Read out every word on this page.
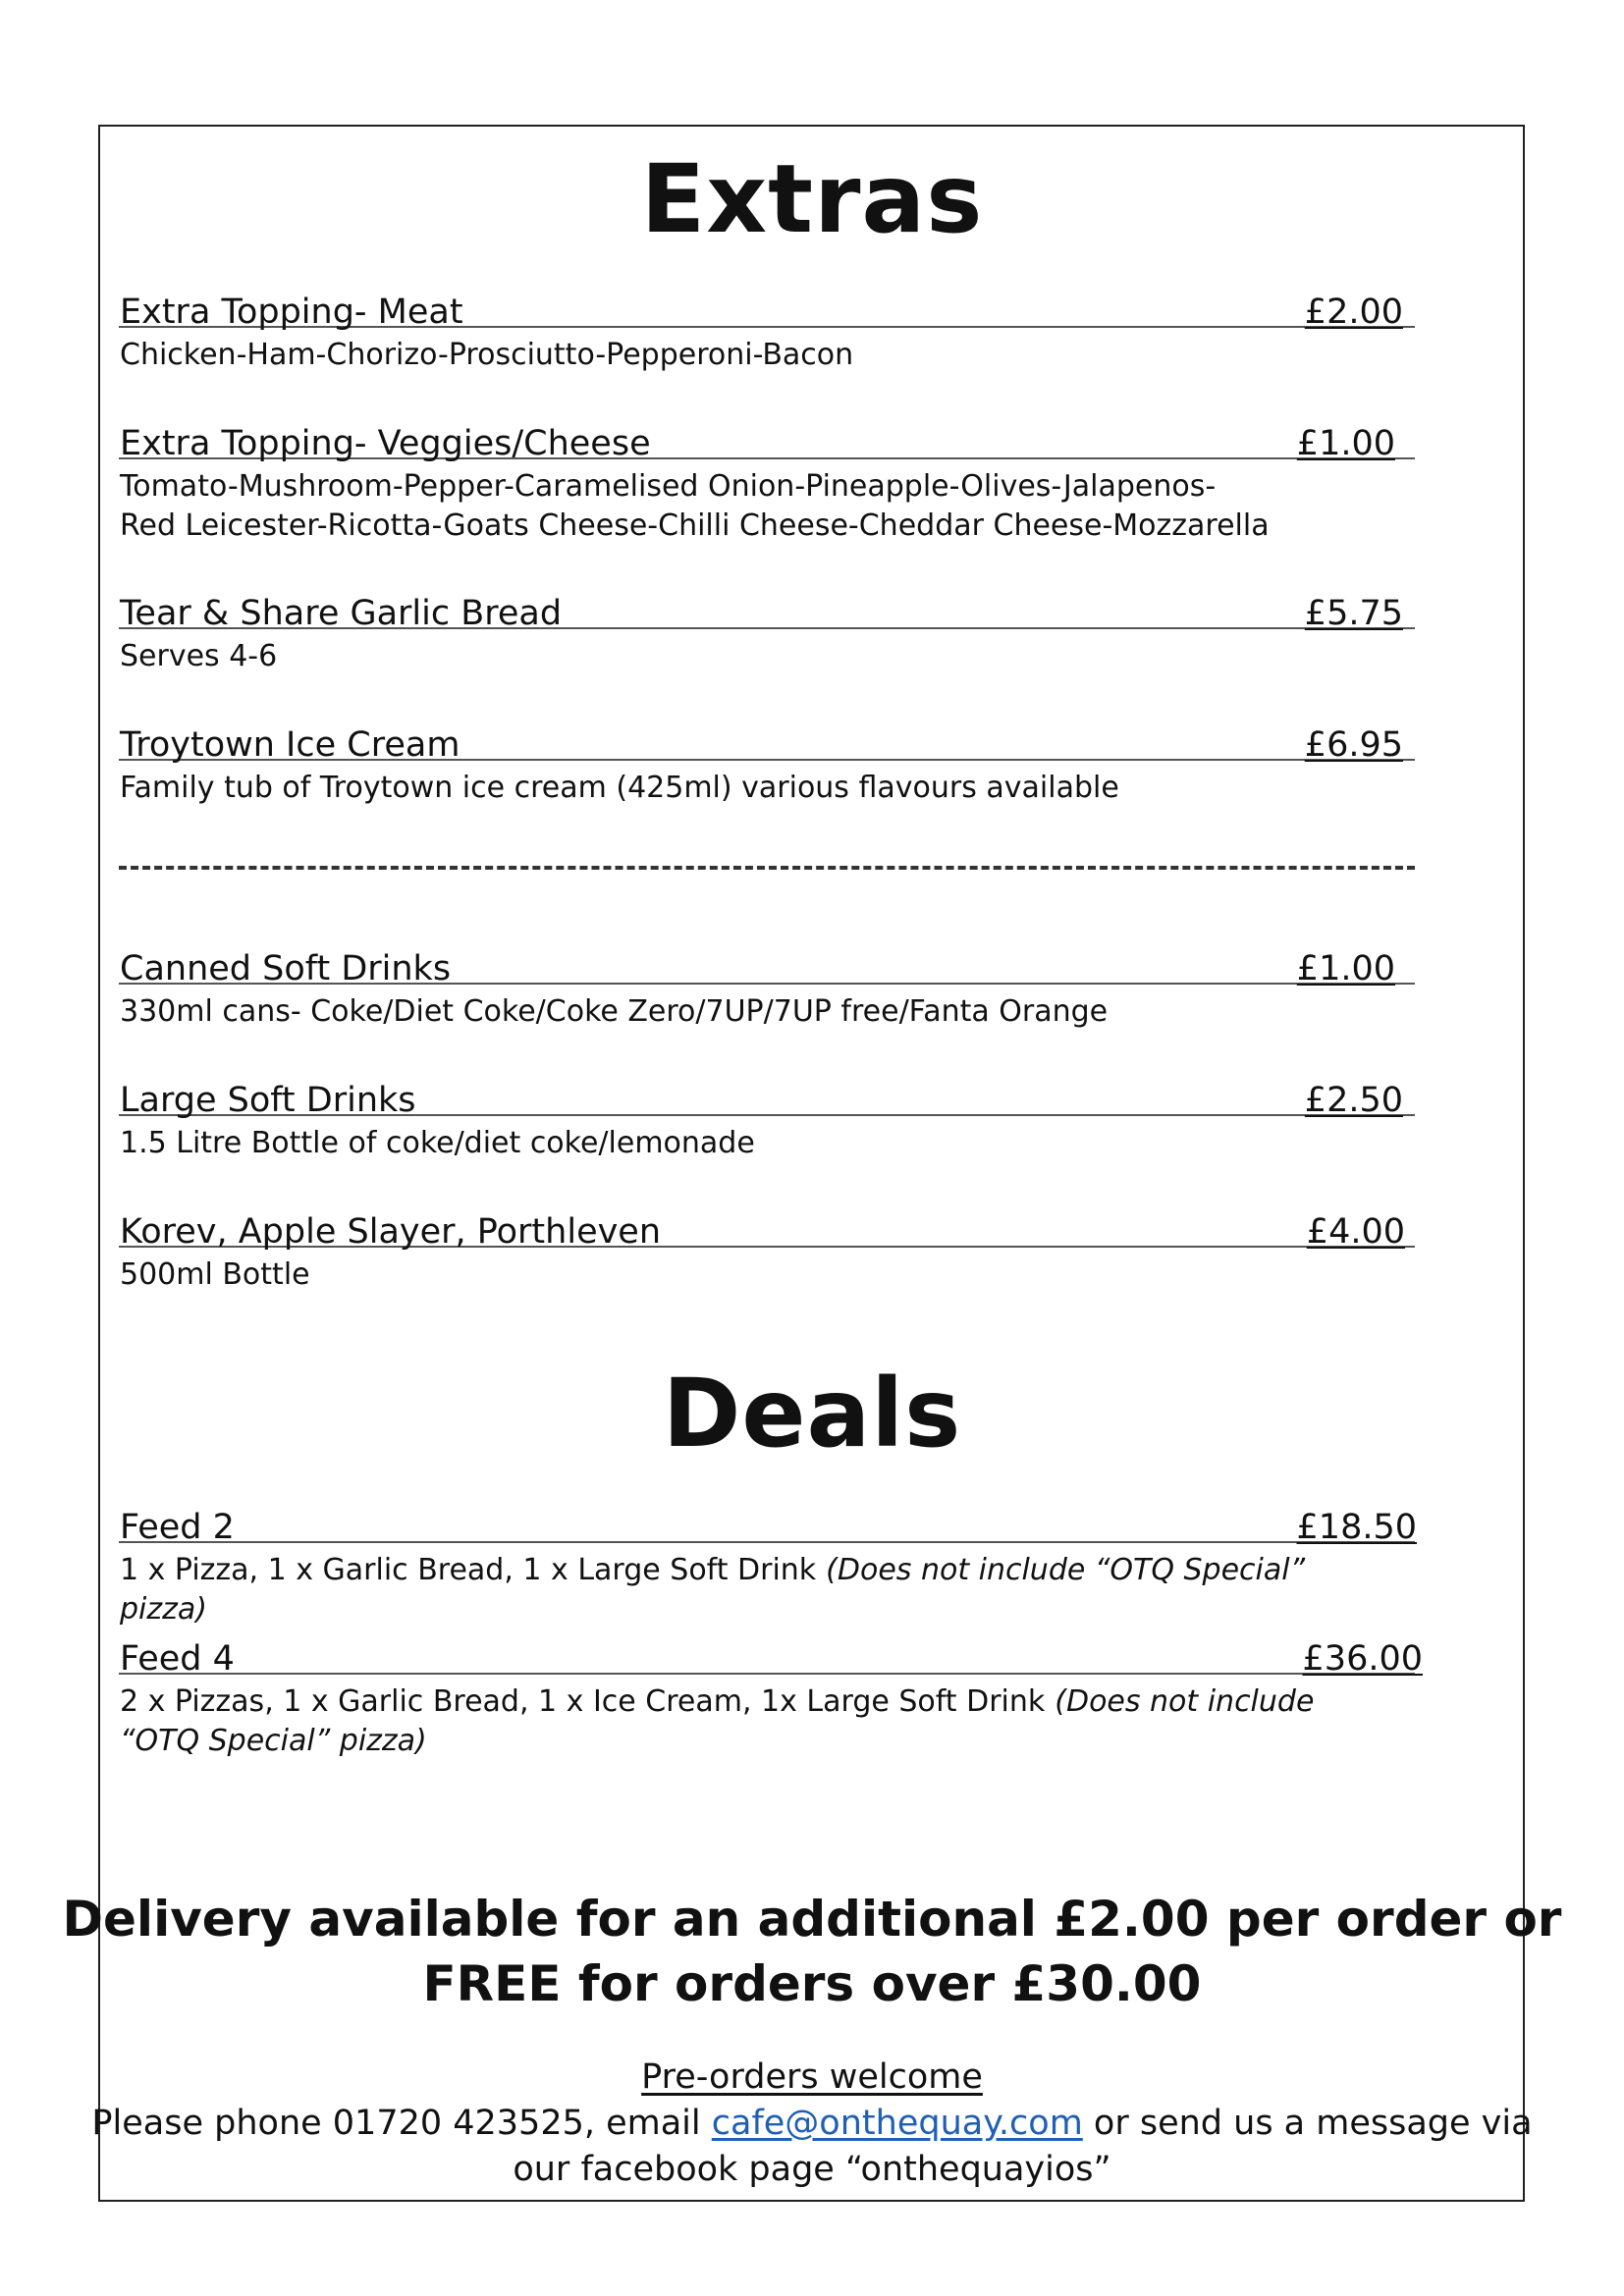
Extras
Extra Topping- Meat	£2.00
Chicken-Ham-Chorizo-Prosciutto-Pepperoni-Bacon
Extra Topping- Veggies/Cheese	£1.00
Tomato-Mushroom-Pepper-Caramelised Onion-Pineapple-Olives-Jalapenos-
Red Leicester-Ricotta-Goats Cheese-Chilli Cheese-Cheddar Cheese-Mozzarella
Tear & Share Garlic Bread	£5.75
Serves 4-6
Troytown Ice Cream	£6.95
Family tub of Troytown ice cream (425ml) various flavours available
Canned Soft Drinks	£1.00
330ml cans- Coke/Diet Coke/Coke Zero/7UP/7UP free/Fanta Orange
Large Soft Drinks	£2.50
1.5 Litre Bottle of coke/diet coke/lemonade
Korev, Apple Slayer, Porthleven	£4.00
500ml Bottle
Deals
Feed 2	£18.50
1 x Pizza, 1 x Garlic Bread, 1 x Large Soft Drink (Does not include “OTQ Special” pizza)
Feed 4	£36.00
2 x Pizzas, 1 x Garlic Bread, 1 x Ice Cream, 1x Large Soft Drink (Does not include “OTQ Special” pizza)
Delivery available for an additional £2.00 per order or
FREE for orders over £30.00
Pre-orders welcome
Please phone 01720 423525, email cafe@onthequay.com or send us a message via
our facebook page “onthequayios”
